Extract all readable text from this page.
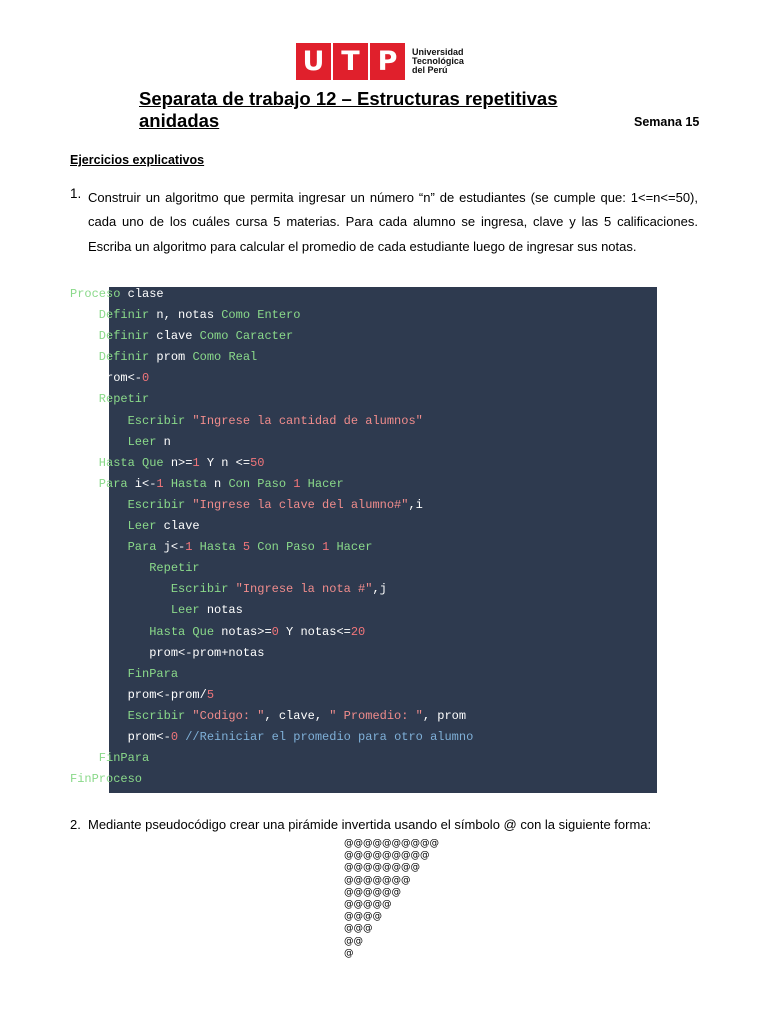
U T P	Universidad
Tecnológica
del Perú
Separata de trabajo 12 – Estructuras repetitivas
anidadas	Semana 15
Ejercicios explicativos
1. Construir un algoritmo que permita ingresar un número “n” de estudiantes (se cumple que: 1<=n<=50), cada uno de los cuáles cursa 5 materias. Para cada alumno se ingresa, clave y las 5 calificaciones. Escriba un algoritmo para calcular el promedio de cada estudiante luego de ingresar sus notas.
Proceso clase
Definir n, notas Como Entero
Definir clave Como Caracter
Definir prom Como Real
rom<-0
Repetir
Escribir "Ingrese la cantidad de alumnos"
Leer n
Hasta Que n>=1 Y n <=50
Para i<-1 Hasta n Con Paso 1 Hacer
Escribir "Ingrese la clave del alumno#",i
Leer clave
Para j<-1 Hasta 5 Con Paso 1 Hacer
Repetir
Escribir "Ingrese la nota #",j
Leer notas
Hasta Que notas>=0 Y notas<=20
prom<-prom+notas
FinPara
prom<-prom/5
Escribir "Codigo: ", clave, " Promedio: ", prom
prom<-0 //Reiniciar el promedio para otro alumno
FinPara
FinProceso
2. Mediante pseudocódigo crear una pirámide invertida usando el símbolo @ con la siguiente forma:
@@@@@@@@@@
@@@@@@@@@
@@@@@@@@
@@@@@@@
@@@@@@
@@@@@
@@@@
@@@
@@
@
